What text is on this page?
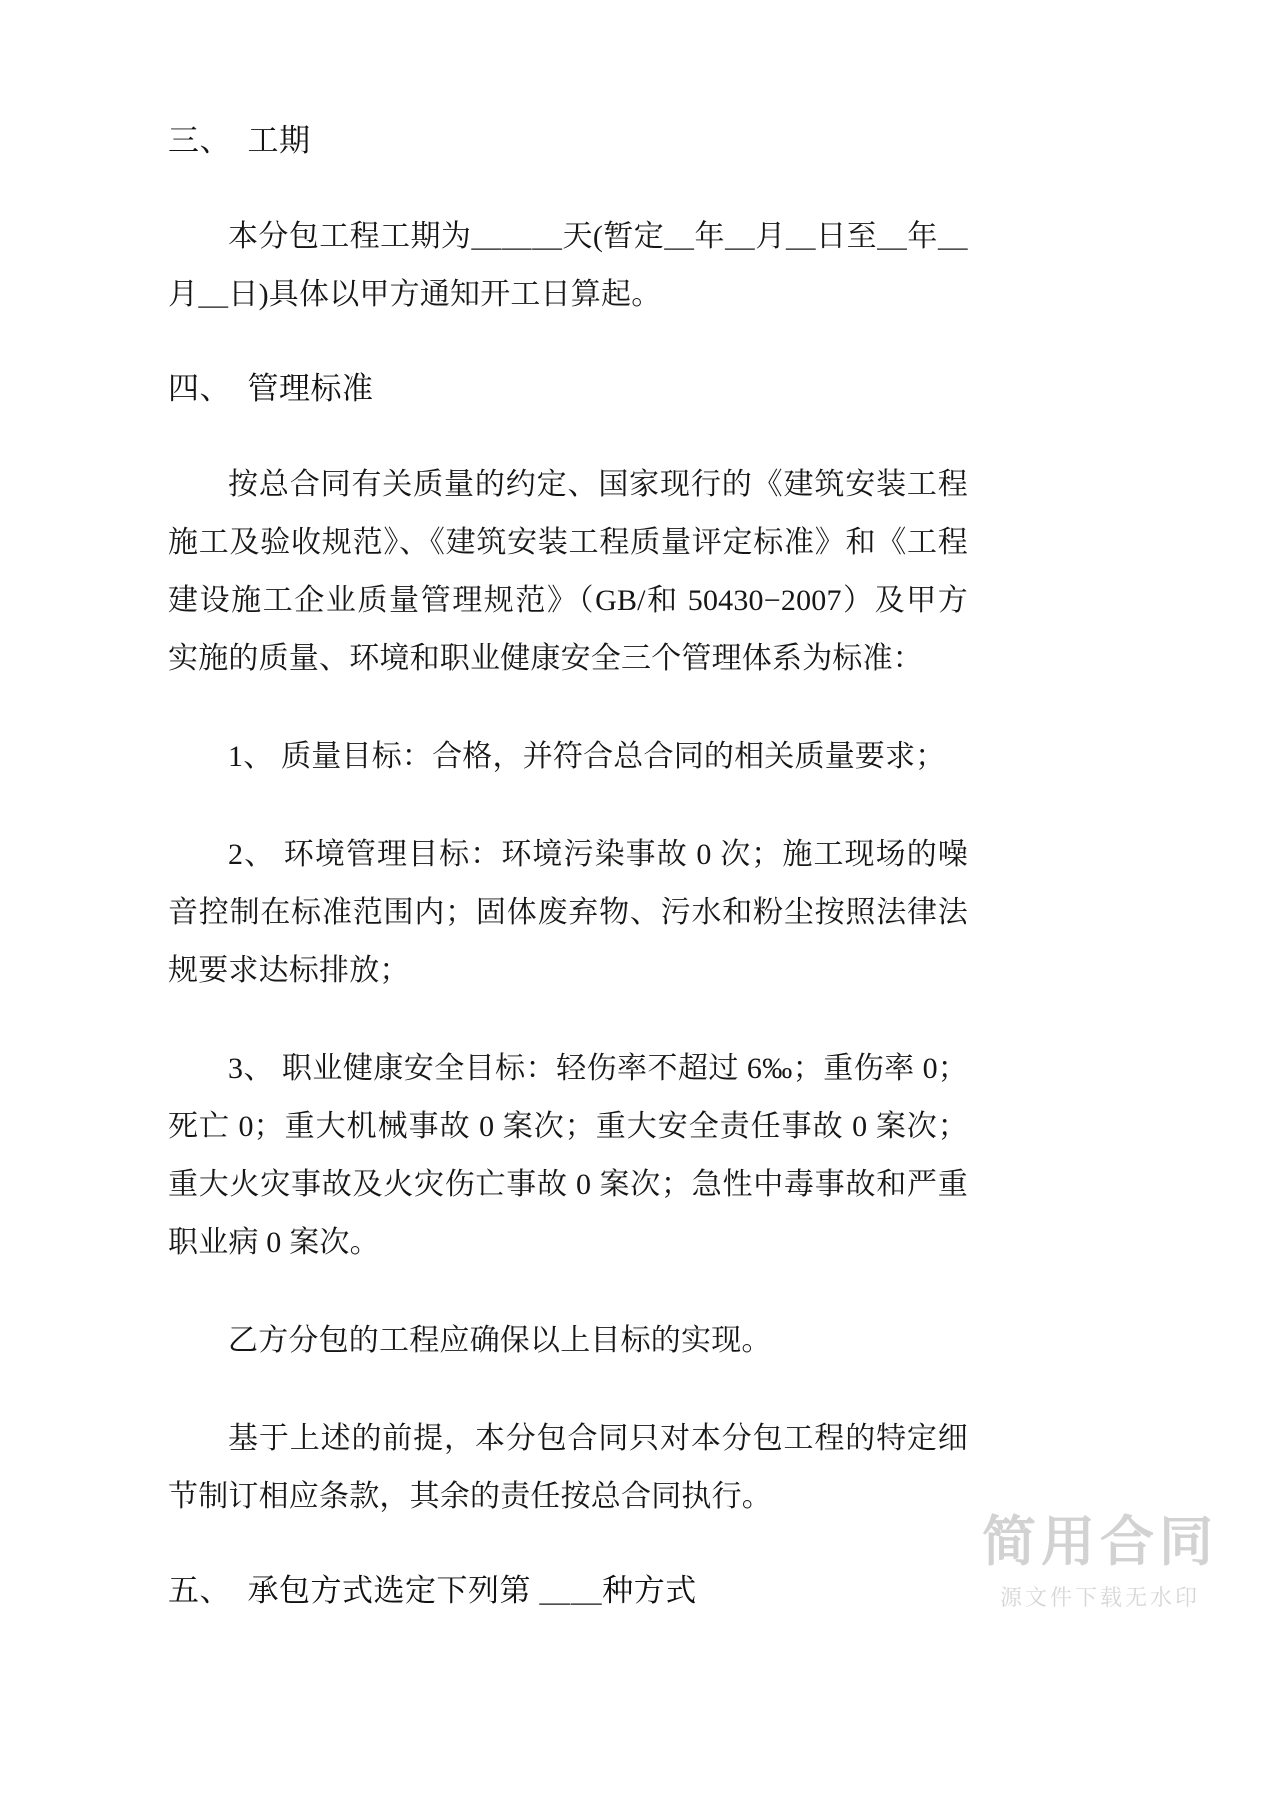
三、  工期
本分包工程工期为＿＿＿天(暂定＿年＿月＿日至＿年＿月＿日)具体以甲方通知开工日算起。
四、  管理标准
按总合同有关质量的约定、国家现行的《建筑安装工程施工及验收规范》、《建筑安装工程质量评定标准》和《工程建设施工企业质量管理规范》（GB/和 50430−2007）及甲方实施的质量、环境和职业健康安全三个管理体系为标准：
1、 质量目标：合格，并符合总合同的相关质量要求；
2、 环境管理目标：环境污染事故 0 次；施工现场的噪音控制在标准范围内；固体废弃物、污水和粉尘按照法律法规要求达标排放；
3、 职业健康安全目标：轻伤率不超过 6‰；重伤率 0；死亡 0；重大机械事故 0 案次；重大安全责任事故 0 案次；重大火灾事故及火灾伤亡事故 0 案次；急性中毒事故和严重职业病 0 案次。
乙方分包的工程应确保以上目标的实现。
基于上述的前提，本分包合同只对本分包工程的特定细节制订相应条款，其余的责任按总合同执行。
五、  承包方式选定下列第 ＿＿种方式
简用合同
源文件下载无水印
